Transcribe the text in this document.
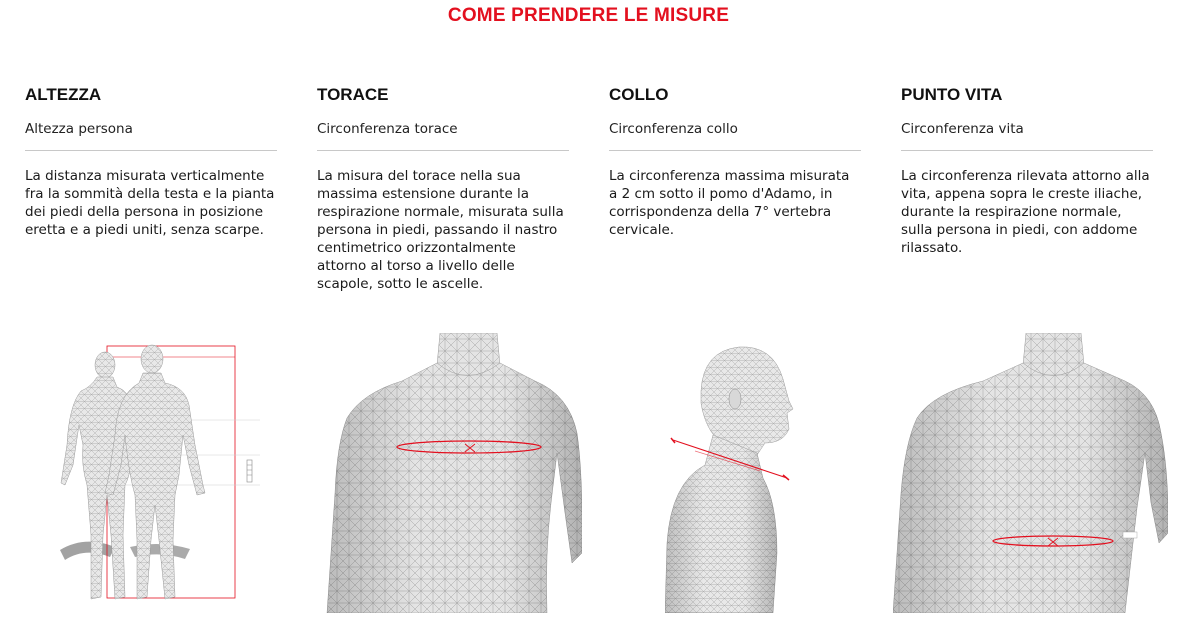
COME PRENDERE LE MISURE
ALTEZZA
Altezza persona
La distanza misurata verticalmente fra la sommità della testa e la pianta dei piedi della persona in posizione eretta e a piedi uniti, senza scarpe.
TORACE
Circonferenza torace
La misura del torace nella sua massima estensione durante la respirazione normale, misurata sulla persona in piedi, passando il nastro centimetrico orizzontalmente attorno al torso a livello delle scapole, sotto le ascelle.
COLLO
Circonferenza collo
La circonferenza massima misurata a 2 cm sotto il pomo d'Adamo, in corrispondenza della 7° vertebra cervicale.
PUNTO VITA
Circonferenza vita
La circonferenza rilevata attorno alla vita, appena sopra le creste iliache, durante la respirazione normale, sulla persona in piedi, con addome rilassato.
